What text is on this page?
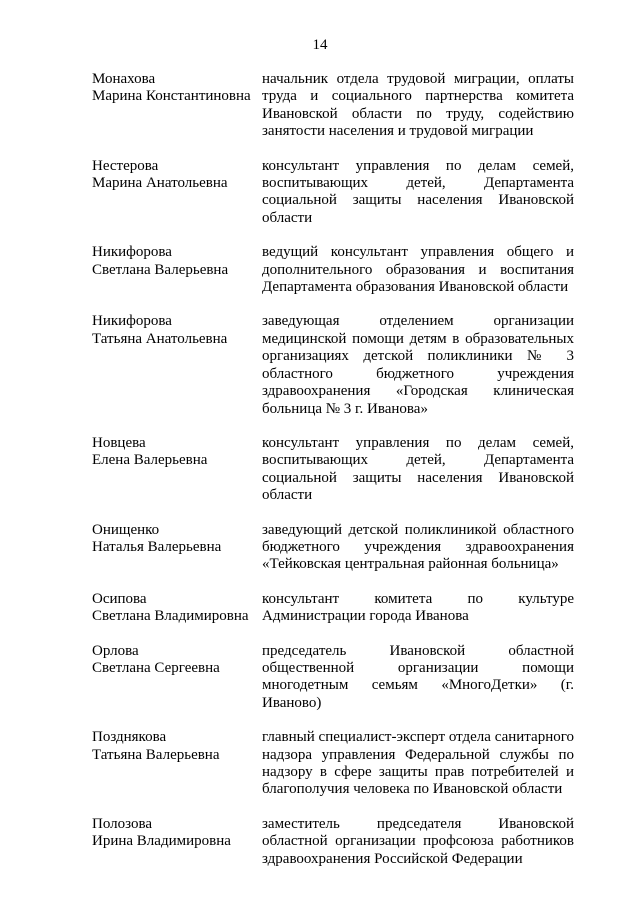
14
Монахова
Марина Константиновна
начальник отдела трудовой миграции, оплаты труда и социального партнерства комитета Ивановской области по труду, содействию занятости населения и трудовой миграции
Нестерова
Марина Анатольевна
консультант управления по делам семей, воспитывающих детей, Департамента социальной защиты населения Ивановской области
Никифорова
Светлана Валерьевна
ведущий консультант управления общего и дополнительного образования и воспитания Департамента образования Ивановской области
Никифорова
Татьяна Анатольевна
заведующая отделением организации медицинской помощи детям в образовательных организациях детской поликлиники № 3 областного бюджетного учреждения здравоохранения «Городская клиническая больница № 3 г. Иванова»
Новцева
Елена Валерьевна
консультант управления по делам семей, воспитывающих детей, Департамента социальной защиты населения Ивановской области
Онищенко
Наталья Валерьевна
заведующий детской поликлиникой областного бюджетного учреждения здравоохранения «Тейковская центральная районная больница»
Осипова
Светлана Владимировна
консультант комитета по культуре Администрации города Иванова
Орлова
Светлана Сергеевна
председатель Ивановской областной общественной организации помощи многодетным семьям «МногоДетки» (г. Иваново)
Позднякова
Татьяна Валерьевна
главный специалист-эксперт отдела санитарного надзора управления Федеральной службы по надзору в сфере защиты прав потребителей и благополучия человека по Ивановской области
Полозова
Ирина Владимировна
заместитель председателя Ивановской областной организации профсоюза работников здравоохранения Российской Федерации
